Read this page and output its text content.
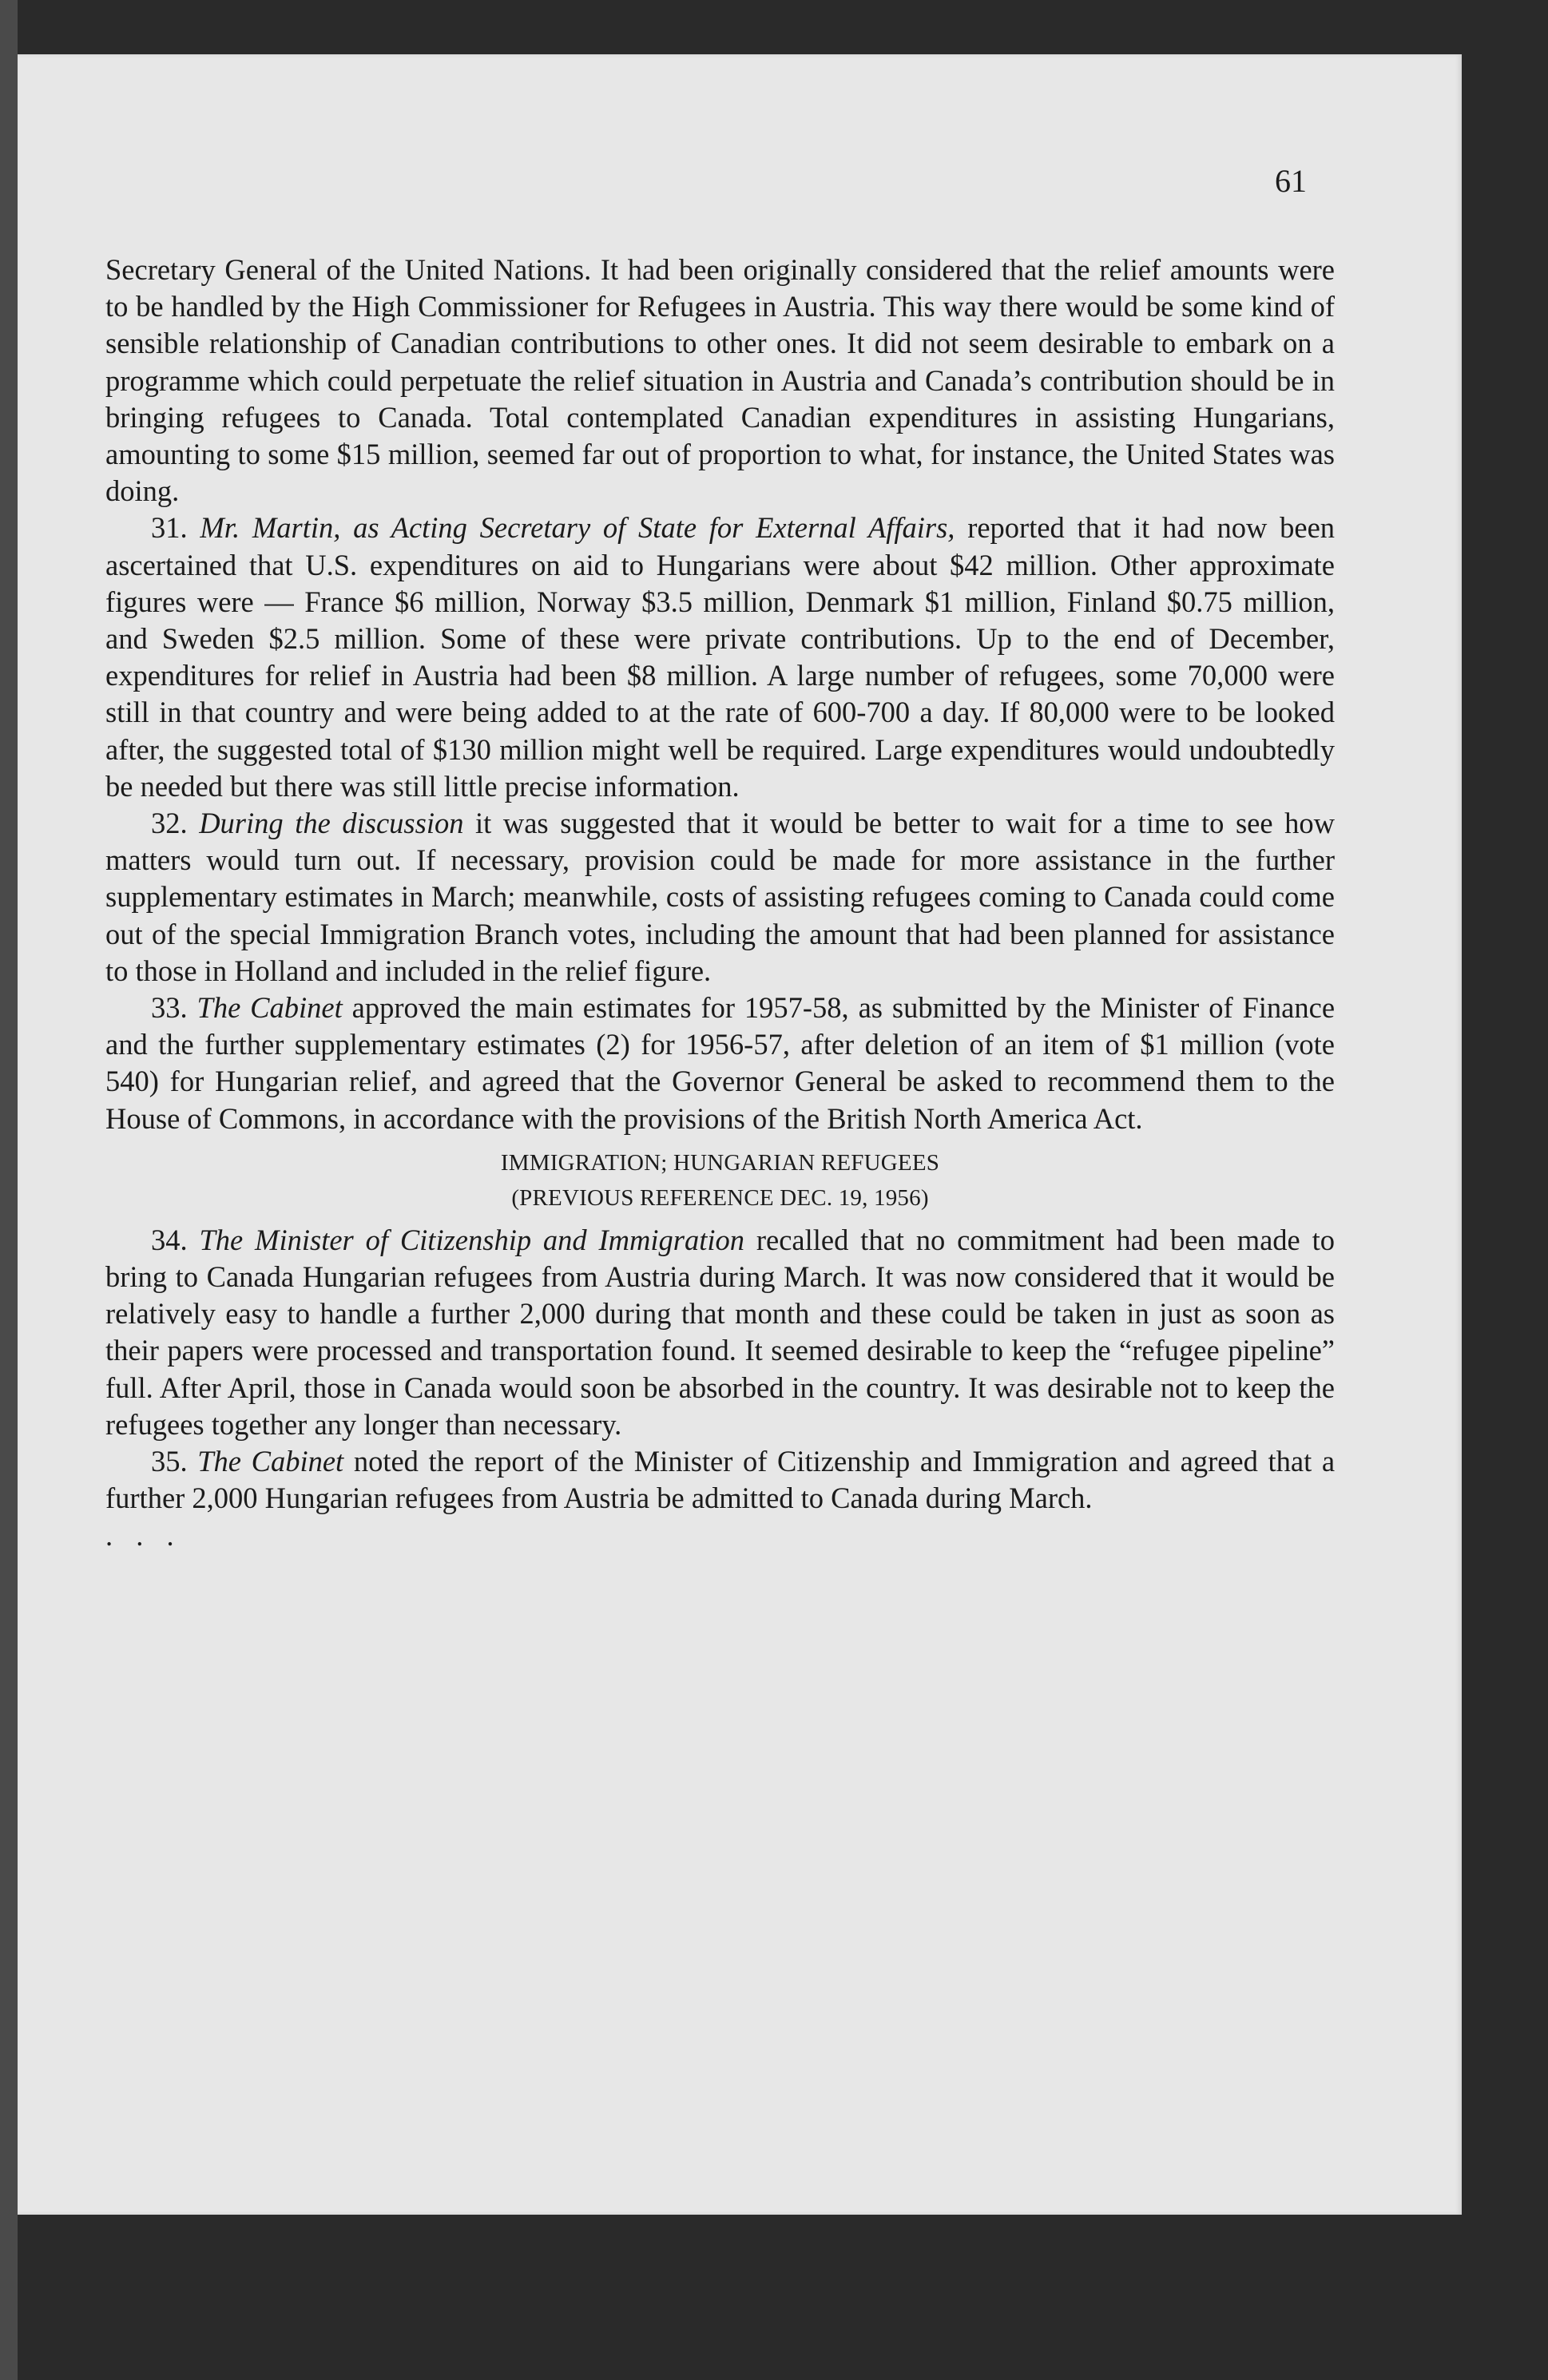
61

Secretary General of the United Nations. It had been originally considered that the relief amounts were to be handled by the High Commissioner for Refugees in Austria. This way there would be some kind of sensible relationship of Canadian contributions to other ones. It did not seem desirable to embark on a programme which could perpetuate the relief situation in Austria and Canada’s contribution should be in bringing refugees to Canada. Total contemplated Canadian expenditures in assisting Hungarians, amounting to some $15 million, seemed far out of proportion to what, for instance, the United States was doing.

31. Mr. Martin, as Acting Secretary of State for External Affairs, reported that it had now been ascertained that U.S. expenditures on aid to Hungarians were about $42 million. Other approximate figures were — France $6 million, Norway $3.5 million, Denmark $1 million, Finland $0.75 million, and Sweden $2.5 million. Some of these were private contributions. Up to the end of December, expenditures for relief in Austria had been $8 million. A large number of refugees, some 70,000 were still in that country and were being added to at the rate of 600-700 a day. If 80,000 were to be looked after, the suggested total of $130 million might well be required. Large expenditures would undoubtedly be needed but there was still little precise information.

32. During the discussion it was suggested that it would be better to wait for a time to see how matters would turn out. If necessary, provision could be made for more assistance in the further supplementary estimates in March; meanwhile, costs of assisting refugees coming to Canada could come out of the special Immigration Branch votes, including the amount that had been planned for assistance to those in Holland and included in the relief figure.

33. The Cabinet approved the main estimates for 1957-58, as submitted by the Minister of Finance and the further supplementary estimates (2) for 1956-57, after deletion of an item of $1 million (vote 540) for Hungarian relief, and agreed that the Governor General be asked to recommend them to the House of Commons, in accordance with the provisions of the British North America Act.

IMMIGRATION; HUNGARIAN REFUGEES

(PREVIOUS REFERENCE DEC. 19, 1956)

34. The Minister of Citizenship and Immigration recalled that no commitment had been made to bring to Canada Hungarian refugees from Austria during March. It was now considered that it would be relatively easy to handle a further 2,000 during that month and these could be taken in just as soon as their papers were processed and transportation found. It seemed desirable to keep the “refugee pipeline” full. After April, those in Canada would soon be absorbed in the country. It was desirable not to keep the refugees together any longer than necessary.

35. The Cabinet noted the report of the Minister of Citizenship and Immigration and agreed that a further 2,000 Hungarian refugees from Austria be admitted to Canada during March.

. . .
